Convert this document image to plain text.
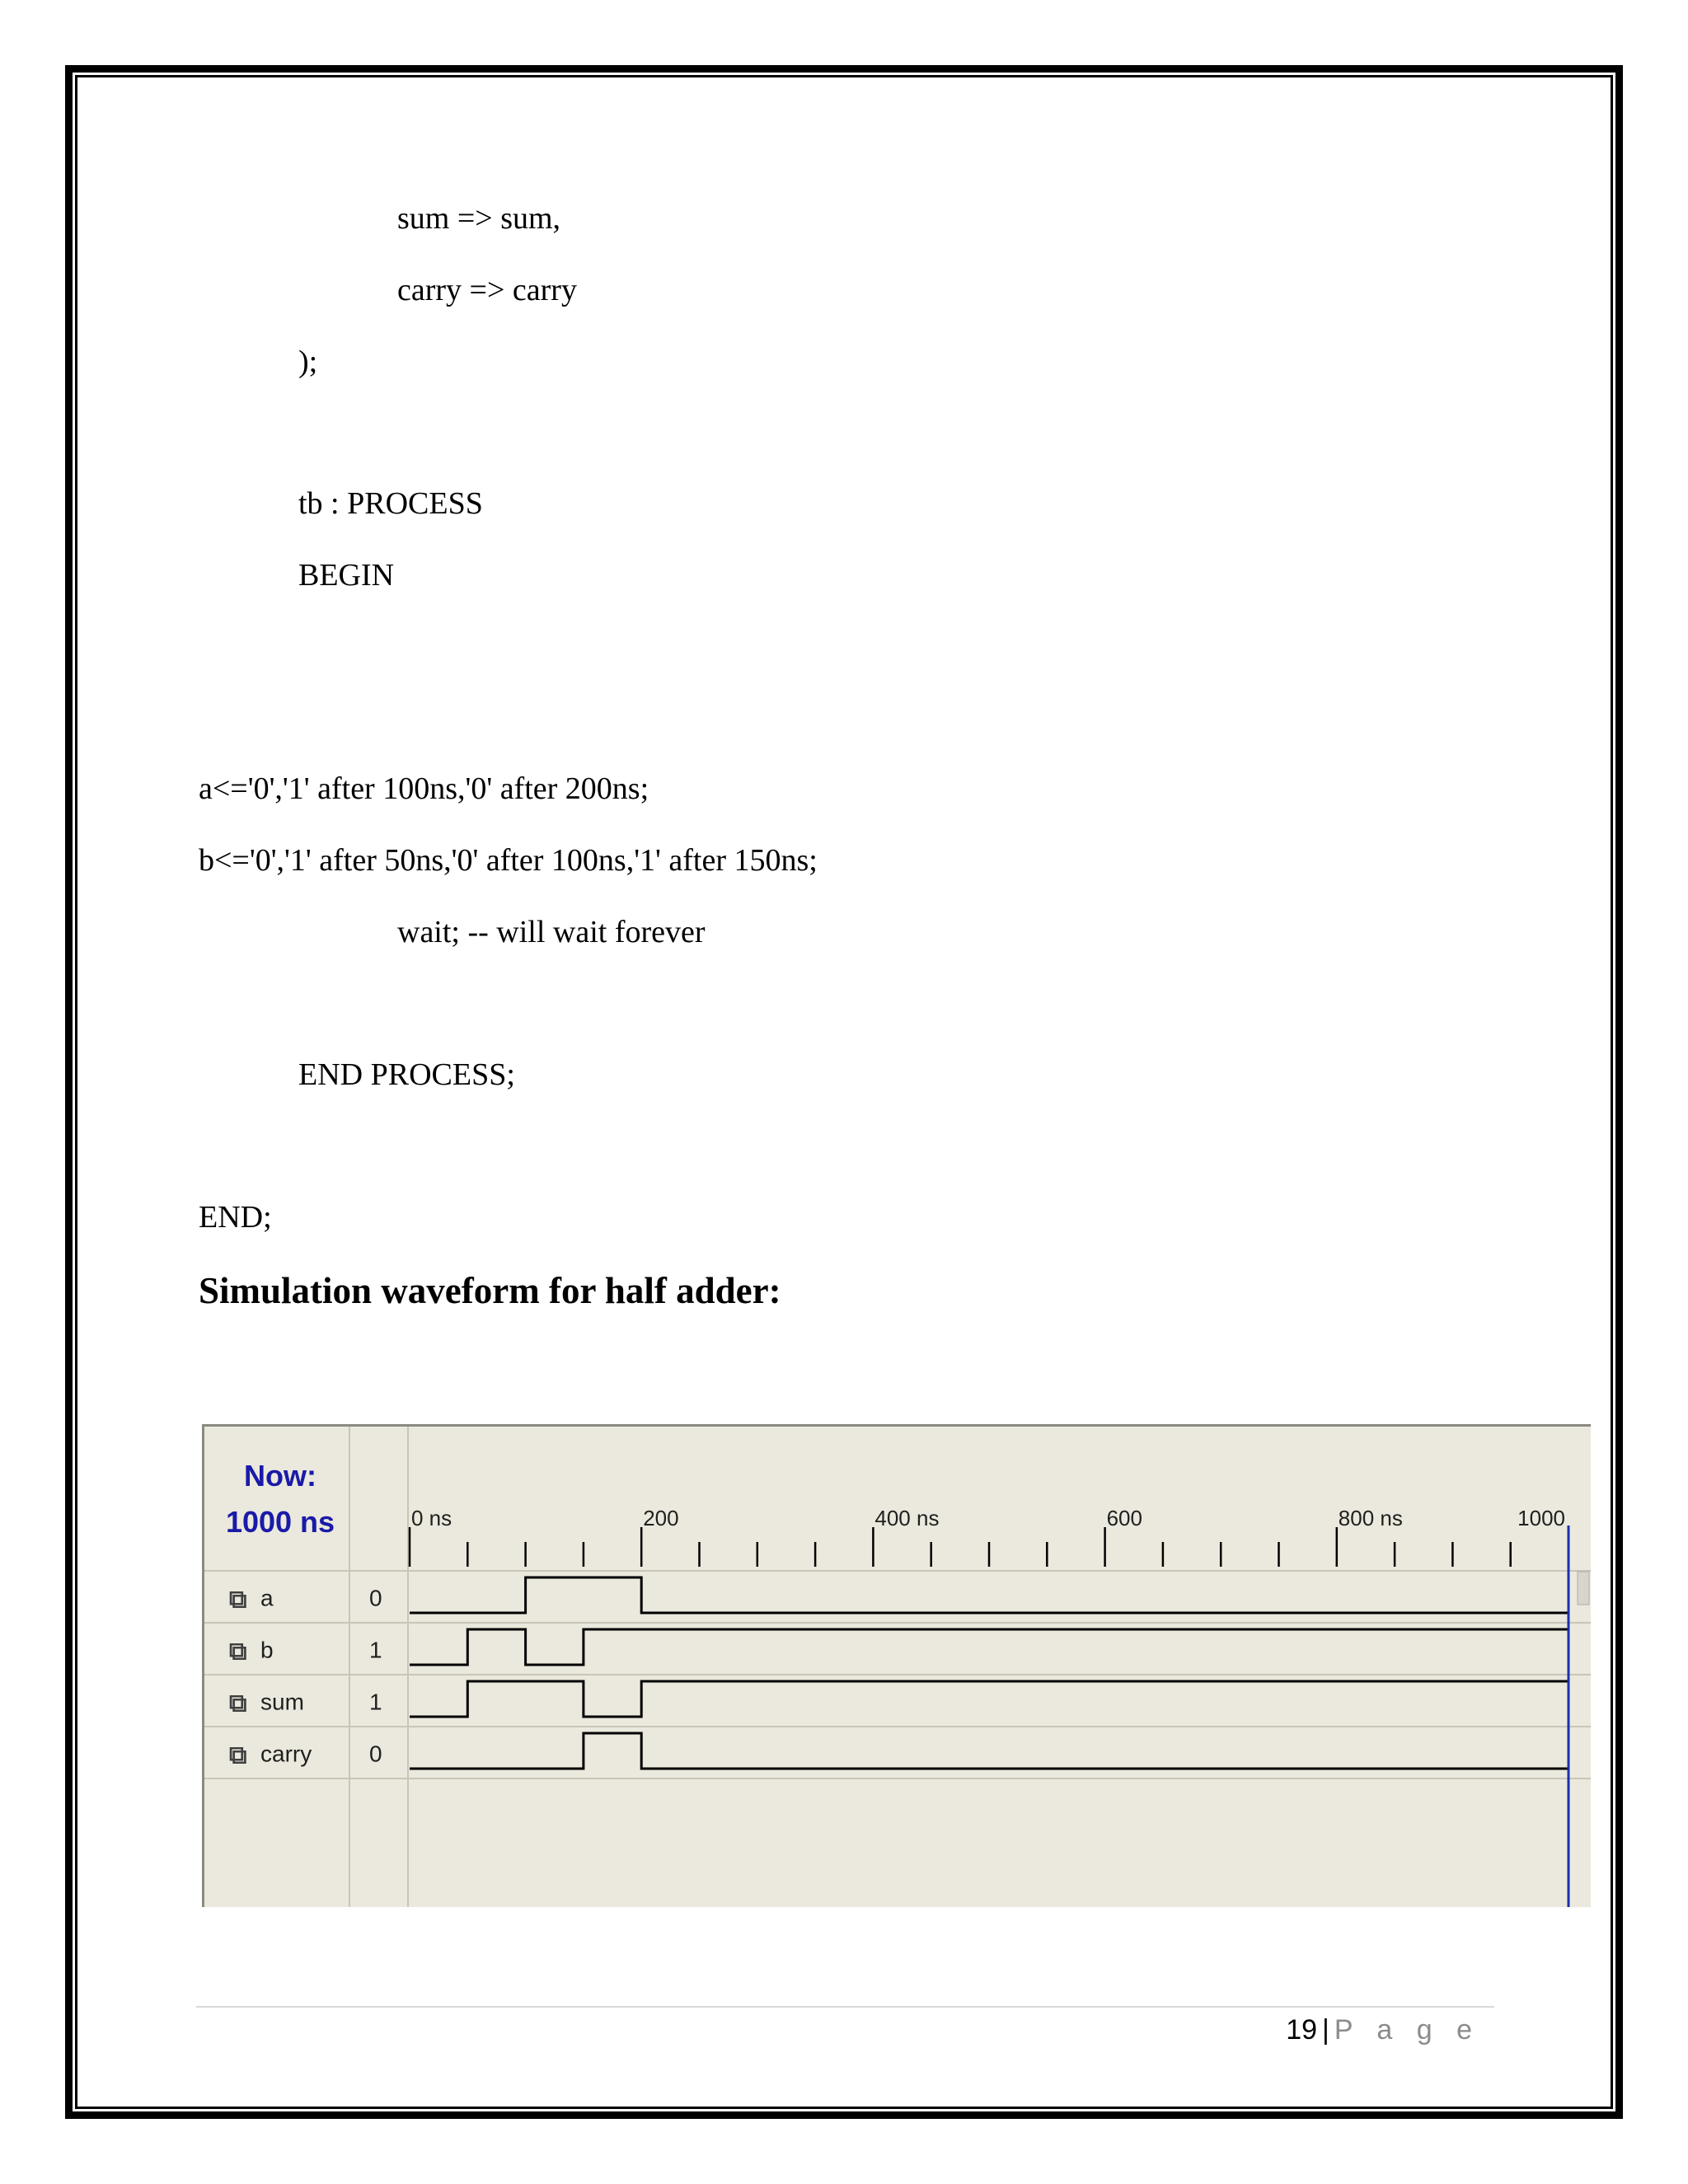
sum => sum,
carry => carry
);
tb : PROCESS
BEGIN
a<='0','1' after 100ns,'0' after 200ns;
b<='0','1' after 50ns,'0' after 100ns,'1' after 150ns;
wait; -- will wait forever
END PROCESS;
END;
Simulation waveform for half adder:
Now:
1000 ns	0 ns	200	400 ns	600	800 ns	1000
⧉ a	0
⧉ b	1
⧉ sum	1
⧉ carry 0
19 | P a g e
